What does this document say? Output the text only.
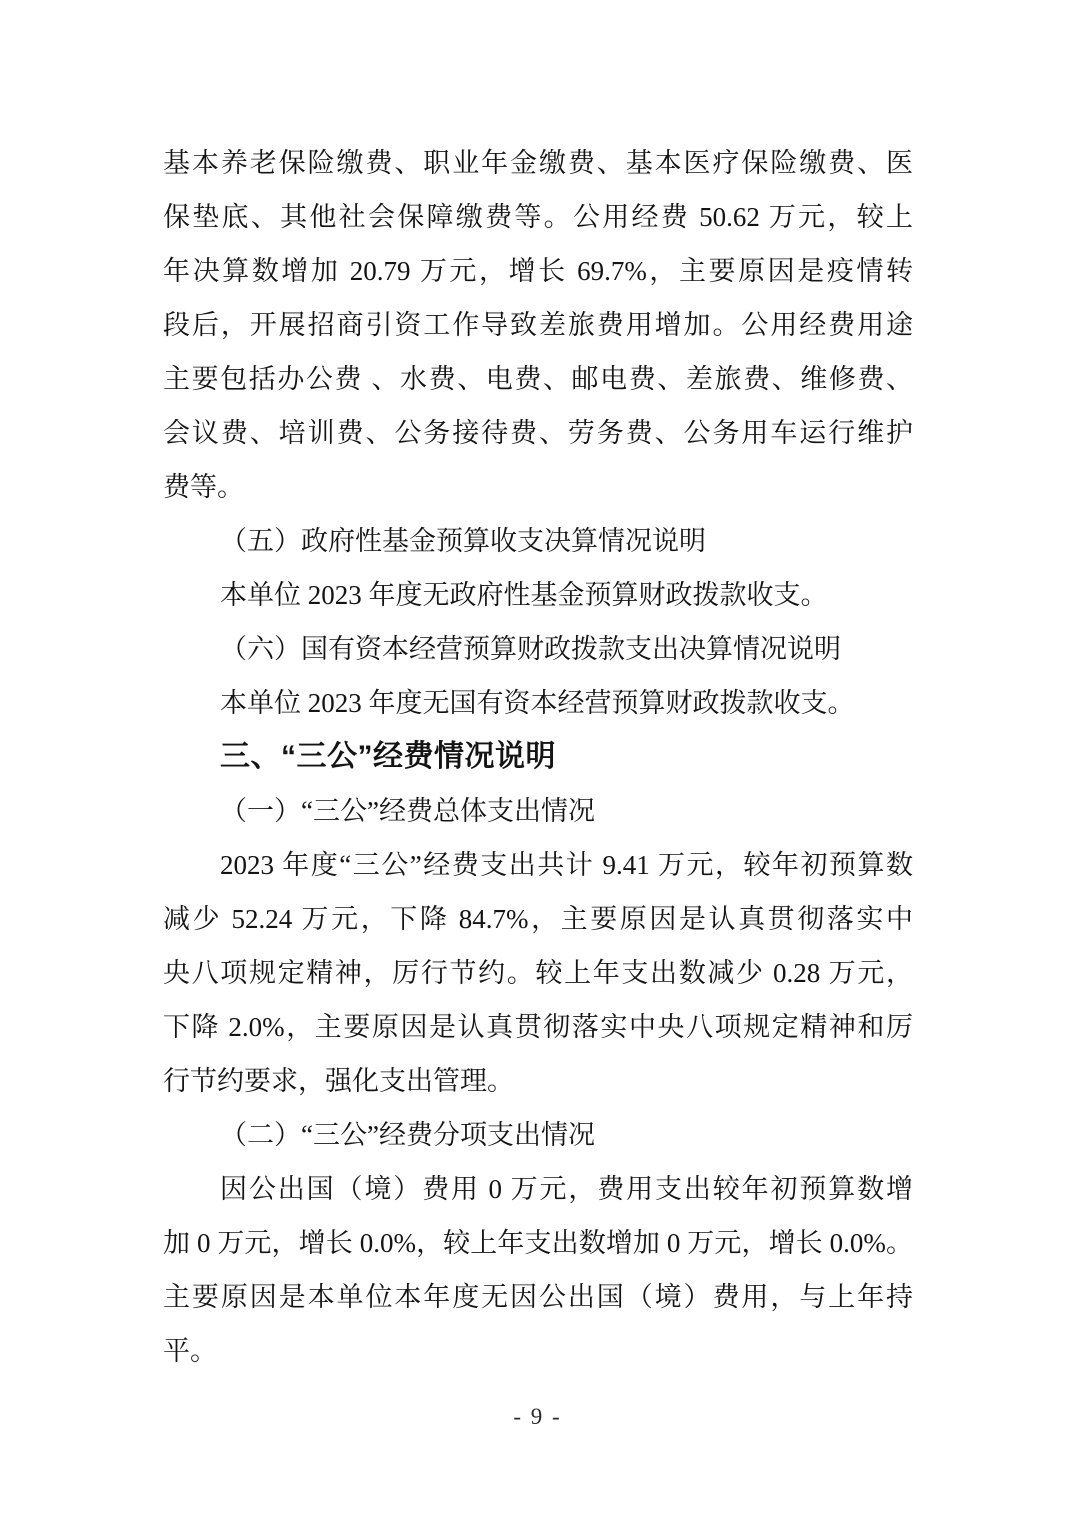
基本养老保险缴费、职业年金缴费、基本医疗保险缴费、医
保垫底、其他社会保障缴费等。公用经费 50.62 万元，较上
年决算数增加 20.79 万元，增长 69.7%，主要原因是疫情转
段后，开展招商引资工作导致差旅费用增加。公用经费用途
主要包括办公费 、水费、电费、邮电费、差旅费、维修费、
会议费、培训费、公务接待费、劳务费、公务用车运行维护
费等。
（五）政府性基金预算收支决算情况说明
本单位 2023 年度无政府性基金预算财政拨款收支。
（六）国有资本经营预算财政拨款支出决算情况说明
本单位 2023 年度无国有资本经营预算财政拨款收支。
三、“三公”经费情况说明
（一）“三公”经费总体支出情况
2023 年度“三公”经费支出共计 9.41 万元，较年初预算数
减少 52.24 万元，下降 84.7%，主要原因是认真贯彻落实中
央八项规定精神，厉行节约。较上年支出数减少 0.28 万元，
下降 2.0%，主要原因是认真贯彻落实中央八项规定精神和厉
行节约要求，强化支出管理。
（二）“三公”经费分项支出情况
因公出国（境）费用 0 万元，费用支出较年初预算数增
加 0 万元，增长 0.0%，较上年支出数增加 0 万元，增长 0.0%。
主要原因是本单位本年度无因公出国（境）费用，与上年持
平。
- 9 -
